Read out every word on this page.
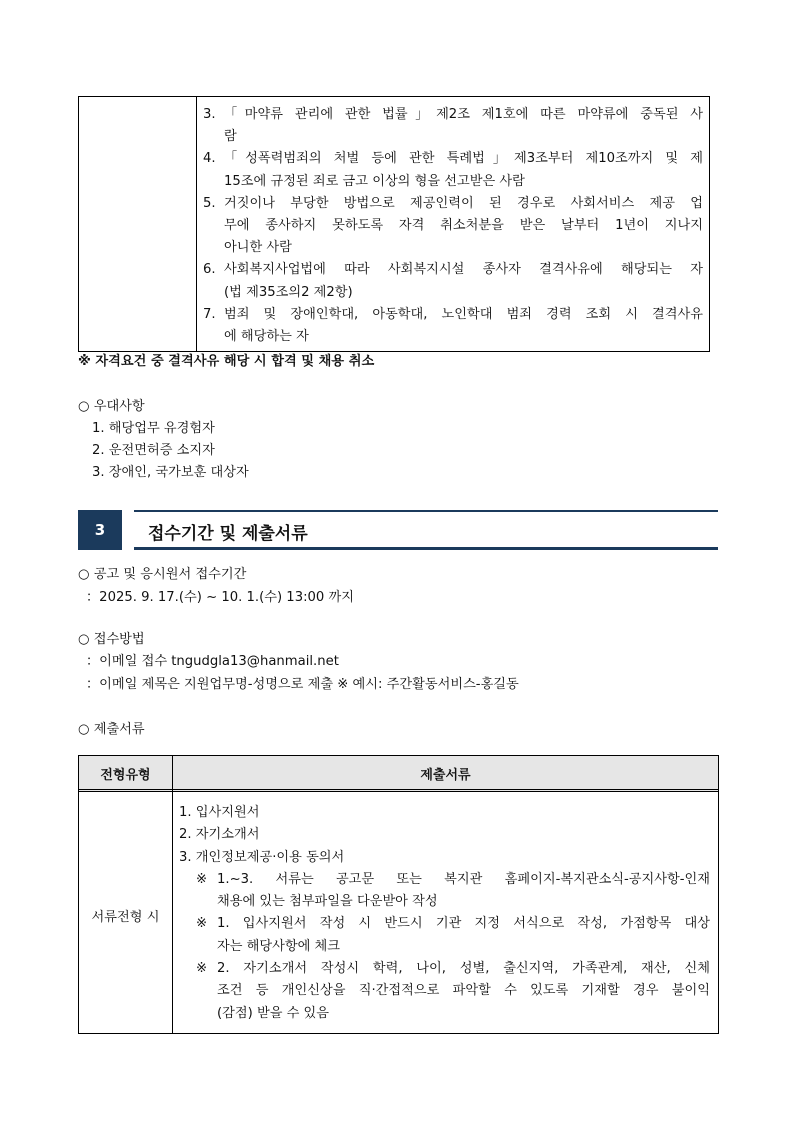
3. 「마약류 관리에 관한 법률」제2조 제1호에 따른 마약류에 중독된 사
람
4. 「성폭력범죄의 처벌 등에 관한 특례법」제3조부터 제10조까지 및 제
15조에 규정된 죄로 금고 이상의 형을 선고받은 사람
5. 거짓이나 부당한 방법으로 제공인력이 된 경우로 사회서비스 제공 업
무에 종사하지 못하도록 자격 취소처분을 받은 날부터 1년이 지나지
아니한 사람
6. 사회복지사업법에 따라 사회복지시설 종사자 결격사유에 해당되는 자
(법 제35조의2 제2항)
7. 범죄 및 장애인학대, 아동학대, 노인학대 범죄 경력 조회 시 결격사유
에 해당하는 자
※ 자격요건 중 결격사유 해당 시 합격 및 채용 취소
○ 우대사항
1. 해당업무 유경험자
2. 운전면허증 소지자
3. 장애인, 국가보훈 대상자
3	접수기간 및 제출서류
○ 공고 및 응시원서 접수기간
：2025. 9. 17.(수) ~ 10. 1.(수) 13:00 까지
○ 접수방법
：이메일 접수 tngudgla13@hanmail.net
：이메일 제목은 지원업무명-성명으로 제출 ※ 예시: 주간활동서비스-홍길동
○ 제출서류
전형유형	제출서류
서류전형 시
1. 입사지원서
2. 자기소개서
3. 개인정보제공·이용 동의서
※ 1.~3. 서류는 공고문 또는 복지관 홈페이지-복지관소식-공지사항-인재
채용에 있는 첨부파일을 다운받아 작성
※ 1. 입사지원서 작성 시 반드시 기관 지정 서식으로 작성, 가점항목 대상
자는 해당사항에 체크
※ 2. 자기소개서 작성시 학력, 나이, 성별, 출신지역, 가족관계, 재산, 신체
조건 등 개인신상을 직·간접적으로 파악할 수 있도록 기재할 경우 불이익
(감점) 받을 수 있음
